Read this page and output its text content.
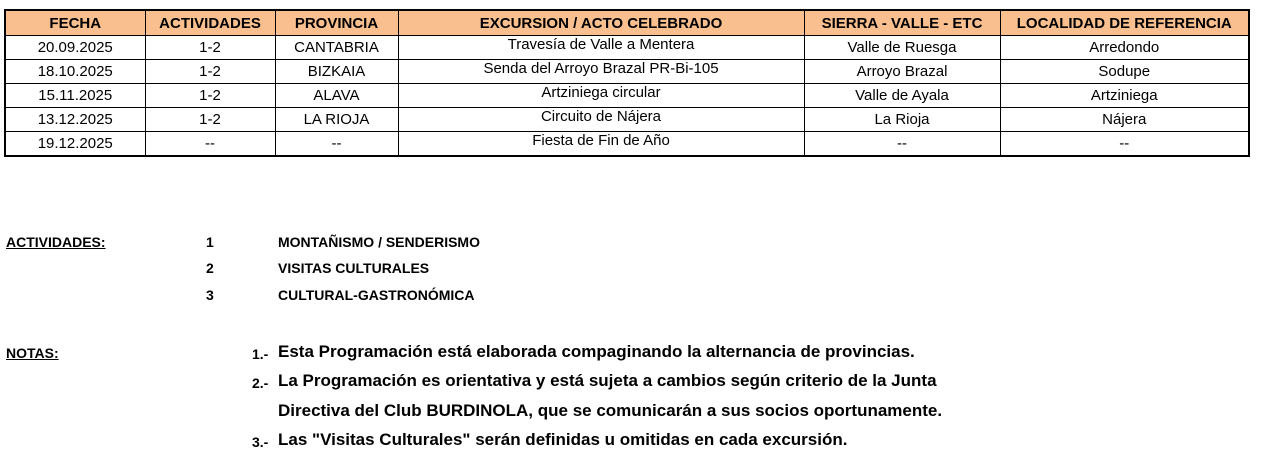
FECHA	ACTIVIDADES	PROVINCIA	EXCURSION / ACTO CELEBRADO	SIERRA - VALLE - ETC	LOCALIDAD DE REFERENCIA
20.09.2025	1-2	CANTABRIA	Travesía de Valle a Mentera	Valle de Ruesga	Arredondo
18.10.2025	1-2	BIZKAIA	Senda del Arroyo Brazal PR-Bi-105	Arroyo Brazal	Sodupe
15.11.2025	1-2	ALAVA	Artziniega circular	Valle de Ayala	Artziniega
13.12.2025	1-2	LA RIOJA	Circuito de Nájera	La Rioja	Nájera
19.12.2025	--	--	Fiesta de Fin de Año	--	--
ACTIVIDADES:	1	MONTAÑISMO / SENDERISMO
2	VISITAS CULTURALES
3	CULTURAL-GASTRONÓMICA
NOTAS:	1.- Esta Programación está elaborada compaginando la alternancia de provincias.
2.- La Programación es orientativa y está sujeta a cambios según criterio de la Junta
Directiva del Club BURDINOLA, que se comunicarán a sus socios oportunamente.
3.- Las "Visitas Culturales" serán definidas u omitidas en cada excursión.
